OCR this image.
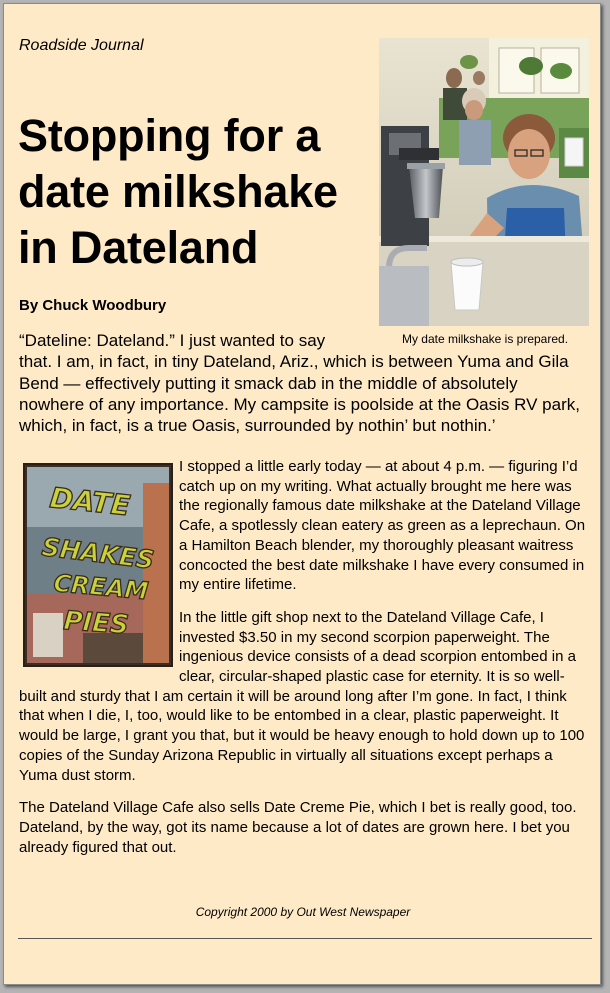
Roadside Journal
Stopping for a date milkshake in Dateland
By Chuck Woodbury
My date milkshake is prepared.

“Dateline: Dateland.” I just wanted to say that. I am, in fact, in tiny Dateland, Ariz., which is between Yuma and Gila Bend — effectively putting it smack dab in the middle of absolutely nowhere of any importance. My campsite is poolside at the Oasis RV park, which, in fact, is a true Oasis, surrounded by nothin’ but nothin.’

DATE
SHAKES
CREAM
PIES

I stopped a little early today — at about 4 p.m. — figuring I’d catch up on my writing. What actually brought me here was the regionally famous date milkshake at the Dateland Village Cafe, a spotlessly clean eatery as green as a leprechaun. On a Hamilton Beach blender, my thoroughly pleasant waitress concocted the best date milkshake I have every consumed in my entire lifetime.

In the little gift shop next to the Dateland Village Cafe, I invested $3.50 in my second scorpion paperweight. The ingenious device consists of a dead scorpion entombed in a clear, circular-shaped plastic case for eternity. It is so well-built and sturdy that I am certain it will be around long after I’m gone. In fact, I think that when I die, I, too, would like to be entombed in a clear, plastic paperweight. It would be large, I grant you that, but it would be heavy enough to hold down up to 100 copies of the Sunday Arizona Republic in virtually all situations except perhaps a Yuma dust storm.

The Dateland Village Cafe also sells Date Creme Pie, which I bet is really good, too. Dateland, by the way, got its name because a lot of dates are grown here. I bet you already figured that out.

Copyright 2000 by Out West Newspaper
